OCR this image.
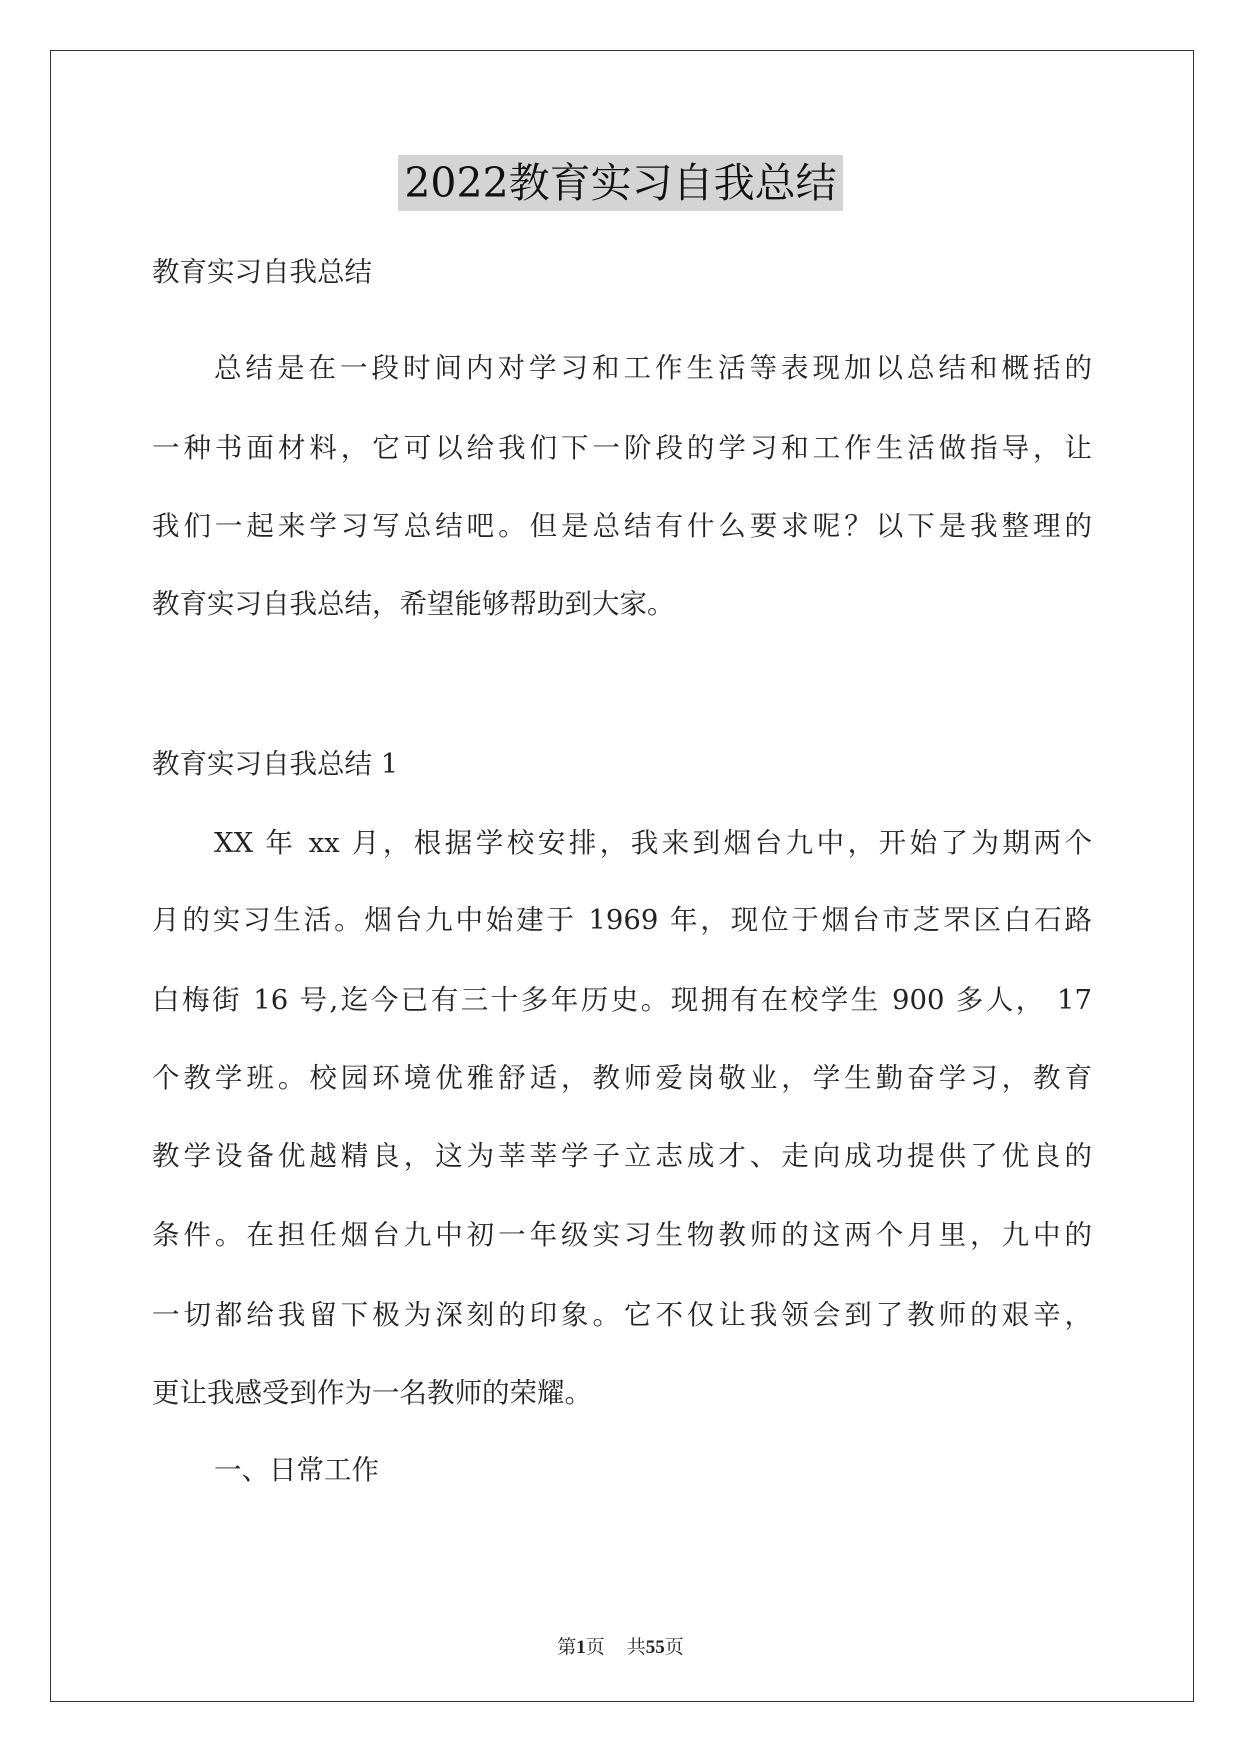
2022教育实习自我总结
教育实习自我总结
总结是在一段时间内对学习和工作生活等表现加以总结和概括的
一种书面材料，它可以给我们下一阶段的学习和工作生活做指导，让
我们一起来学习写总结吧。但是总结有什么要求呢？以下是我整理的
教育实习自我总结，希望能够帮助到大家。
教育实习自我总结 1
XX 年 xx 月，根据学校安排，我来到烟台九中，开始了为期两个
月的实习生活。烟台九中始建于 1969 年，现位于烟台市芝罘区白石路
白梅街 16 号,迄今已有三十多年历史。现拥有在校学生 900 多人， 17
个教学班。校园环境优雅舒适，教师爱岗敬业，学生勤奋学习，教育
教学设备优越精良，这为莘莘学子立志成才、走向成功提供了优良的
条件。在担任烟台九中初一年级实习生物教师的这两个月里，九中的
一切都给我留下极为深刻的印象。它不仅让我领会到了教师的艰辛，
更让我感受到作为一名教师的荣耀。
一、日常工作
第1页 共55页
